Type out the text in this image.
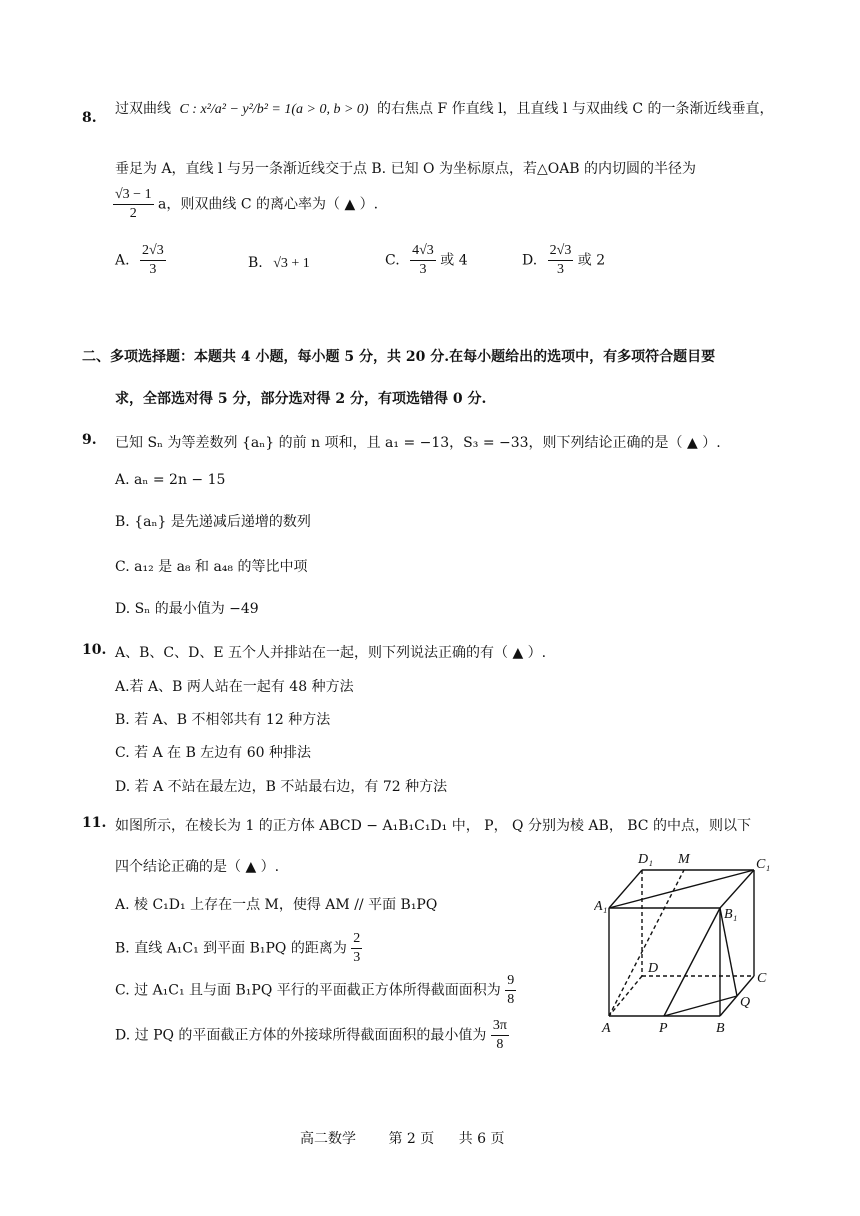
8.
过双曲线 C : x²/a² − y²/b² = 1(a > 0, b > 0) 的右焦点 F 作直线 l，且直线 l 与双曲线 C 的一条渐近线垂直，
垂足为 A，直线 l 与另一条渐近线交于点 B. 已知 O 为坐标原点，若△OAB 的内切圆的半径为
$\frac{√3 - 1}{2}$ a，则双曲线 C 的离心率为（ ▲ ）.
A. $\frac{2√3}{3}$	B. √3 + 1	C. $\frac{4√3}{3}$ 或 4	D. $\frac{2√3}{3}$ 或 2
二、多项选择题：本题共 4 小题，每小题 5 分，共 20 分.在每小题给出的选项中，有多项符合题目要
求，全部选对得 5 分，部分选对得 2 分，有项选错得 0 分.
9. 已知 Sₙ 为等差数列 {aₙ} 的前 n 项和，且 a₁ = −13，S₃ = −33，则下列结论正确的是（ ▲ ）.
A. aₙ = 2n − 15
B. {aₙ} 是先递减后递增的数列
C. a₁₂ 是 a₈ 和 a₄₈ 的等比中项
D. Sₙ 的最小值为 −49
10. A、B、C、D、E 五个人并排站在一起，则下列说法正确的有（ ▲ ）.
A.若 A、B 两人站在一起有 48 种方法
B. 若 A、B 不相邻共有 12 种方法
C. 若 A 在 B 左边有 60 种排法
D. 若 A 不站在最左边，B 不站最右边，有 72 种方法
11. 如图所示，在棱长为 1 的正方体 ABCD − A₁B₁C₁D₁ 中， P， Q 分别为棱 AB， BC 的中点，则以下
四个结论正确的是（ ▲ ）.
A. 棱 C₁D₁ 上存在一点 M，使得 AM // 平面 B₁PQ
B. 直线 A₁C₁ 到平面 B₁PQ 的距离为 $\frac{2}{3}$
C. 过 A₁C₁ 且与面 B₁PQ 平行的平面截正方体所得截面面积为 $\frac{9}{8}$
D. 过 PQ 的平面截正方体的外接球所得截面面积的最小值为 $\frac{3\pi}{8}$
D₁ M	C₁
A₁
B₁
D
C
Q
A	P	B
高二数学 第 2 页 共 6 页
